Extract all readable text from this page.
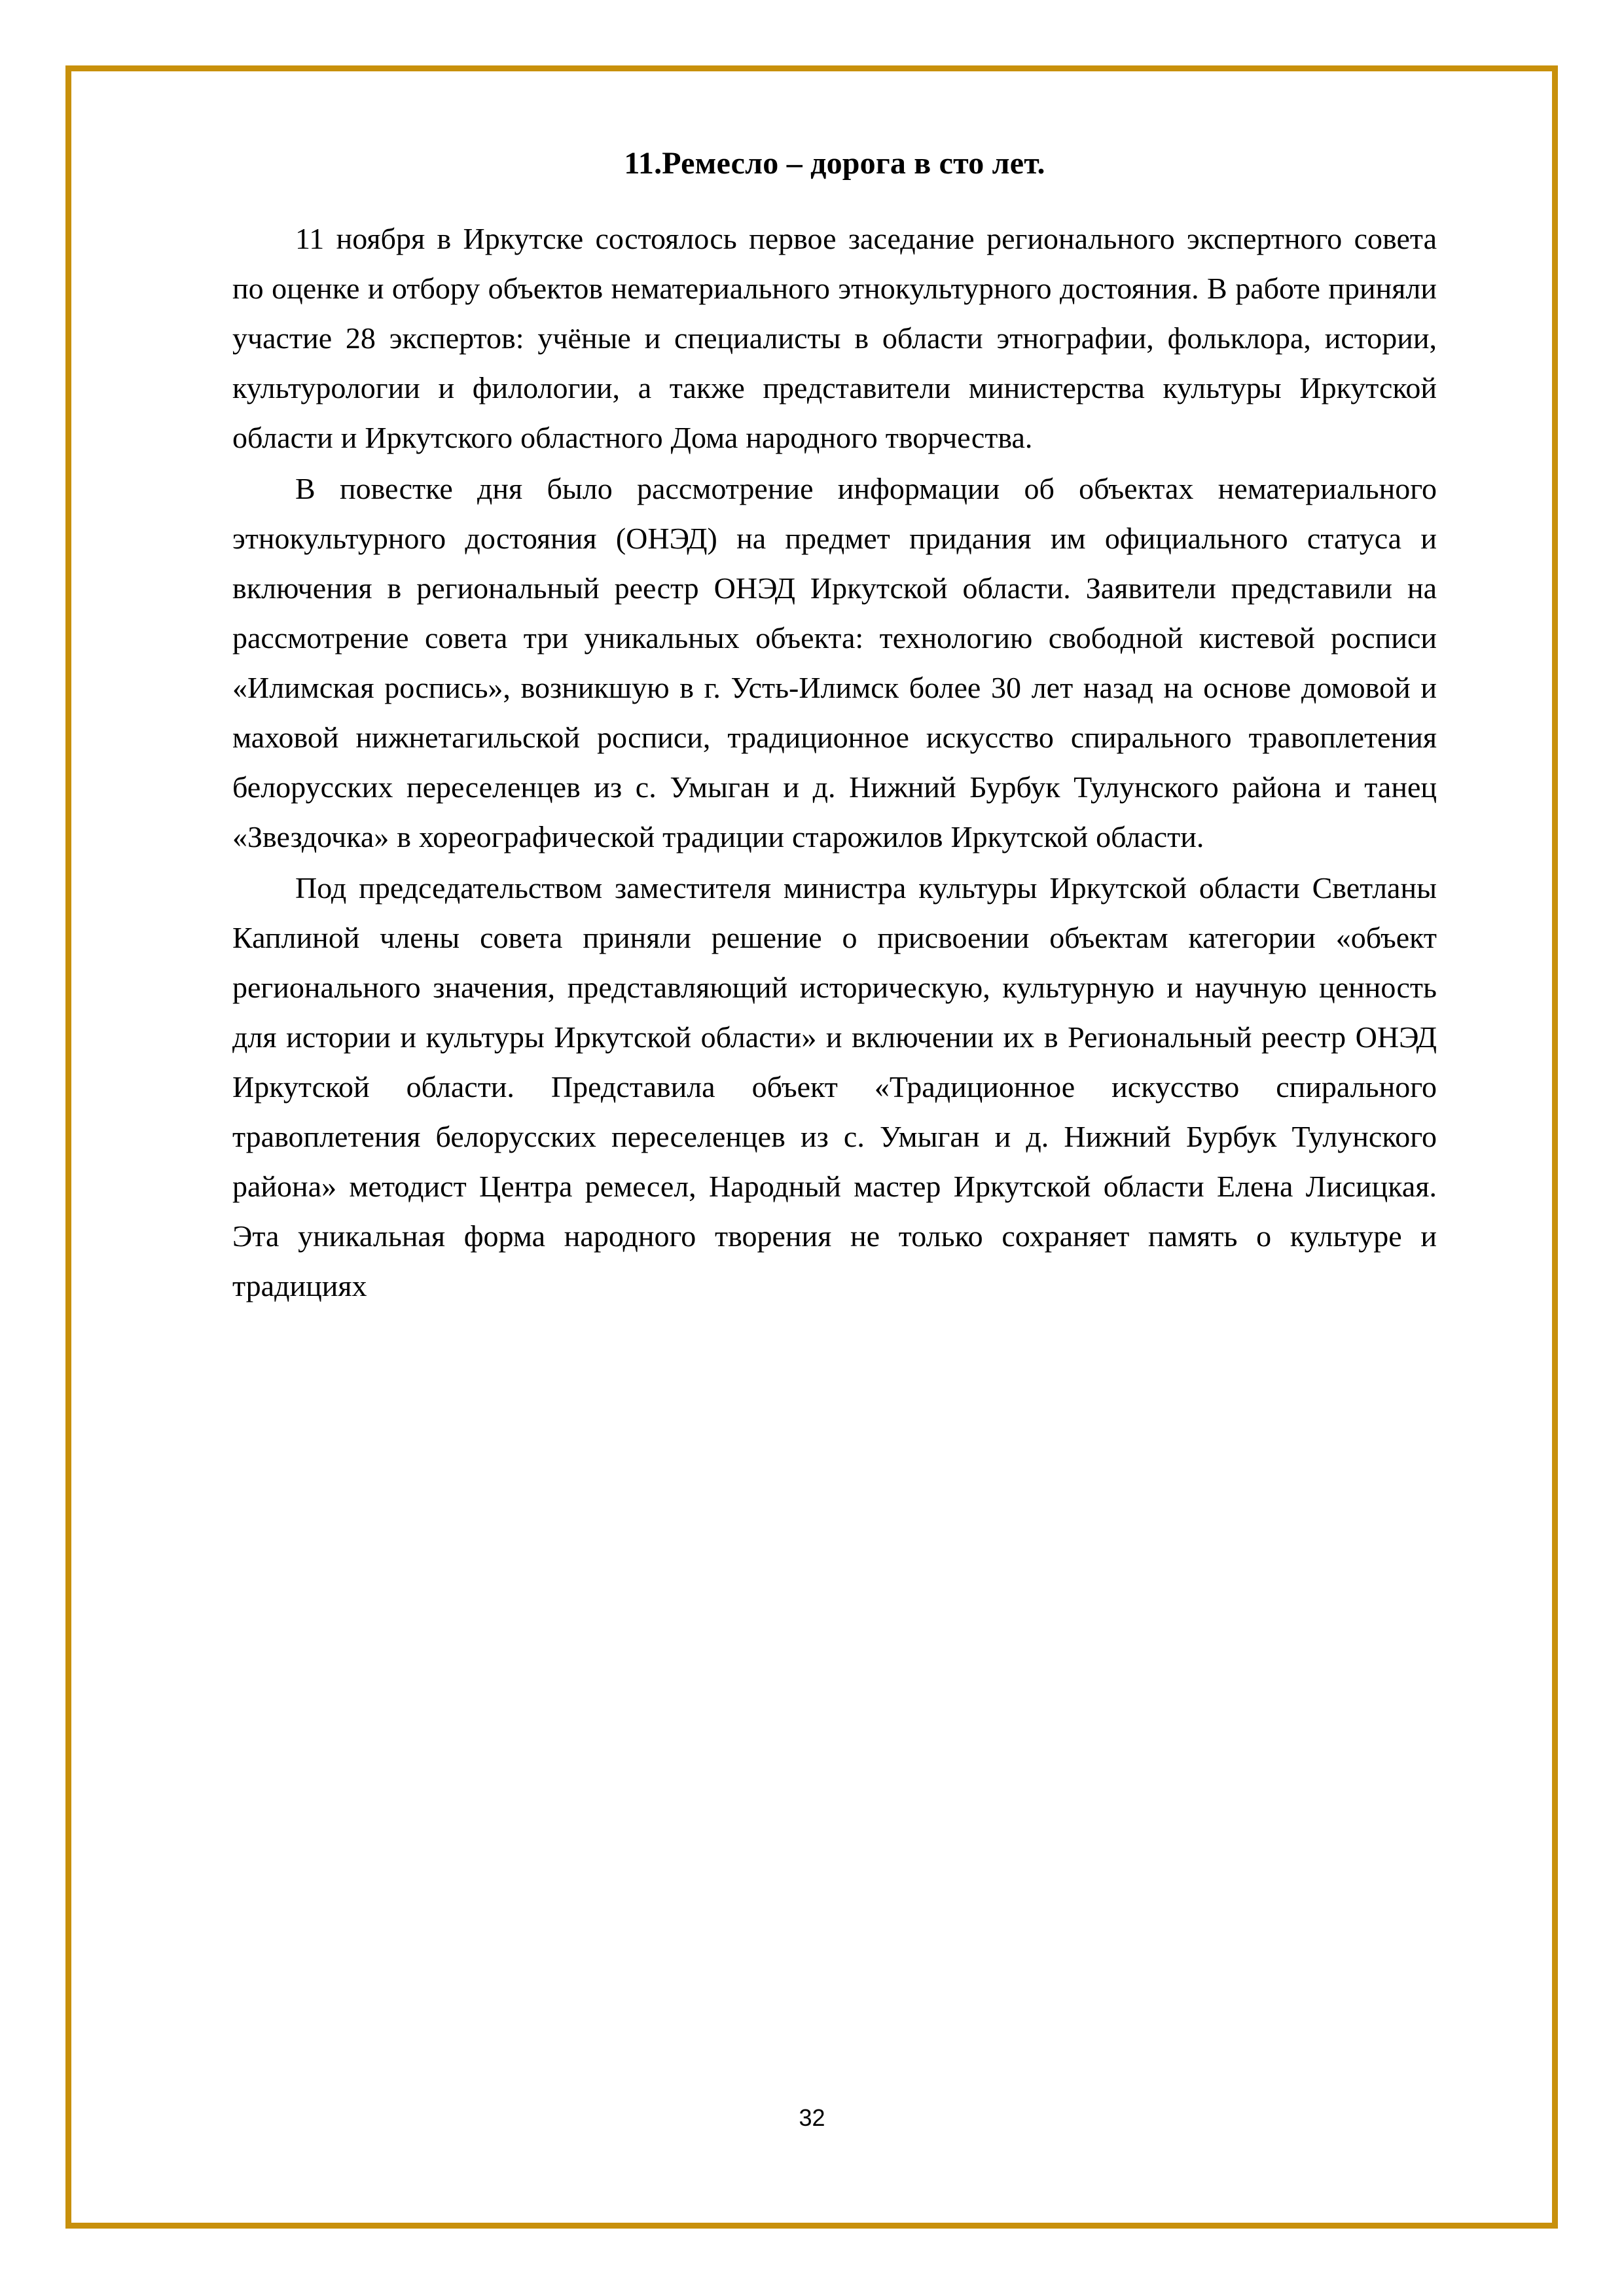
11.Ремесло – дорога в сто лет.

11 ноября в Иркутске состоялось первое заседание регионального экспертного совета по оценке и отбору объектов нематериального этнокультурного достояния. В работе приняли участие 28 экспертов: учёные и специалисты в области этнографии, фольклора, истории, культурологии и филологии, а также представители министерства культуры Иркутской области и Иркутского областного Дома народного творчества.

В повестке дня было рассмотрение информации об объектах нематериального этнокультурного достояния (ОНЭД) на предмет придания им официального статуса и включения в региональный реестр ОНЭД Иркутской области. Заявители представили на рассмотрение совета три уникальных объекта: технологию свободной кистевой росписи «Илимская роспись», возникшую в г. Усть-Илимск более 30 лет назад на основе домовой и маховой нижнетагильской росписи, традиционное искусство спирального травоплетения белорусских переселенцев из с. Умыган и д. Нижний Бурбук Тулунского района и танец «Звездочка» в хореографической традиции старожилов Иркутской области.

Под председательством заместителя министра культуры Иркутской области Светланы Каплиной члены совета приняли решение о присвоении объектам категории «объект регионального значения, представляющий историческую, культурную и научную ценность для истории и культуры Иркутской области» и включении их в Региональный реестр ОНЭД Иркутской области. Представила объект «Традиционное искусство спирального травоплетения белорусских переселенцев из с. Умыган и д. Нижний Бурбук Тулунского района» методист Центра ремесел, Народный мастер Иркутской области Елена Лисицкая. Эта уникальная форма народного творения не только сохраняет память о культуре и традициях

32
